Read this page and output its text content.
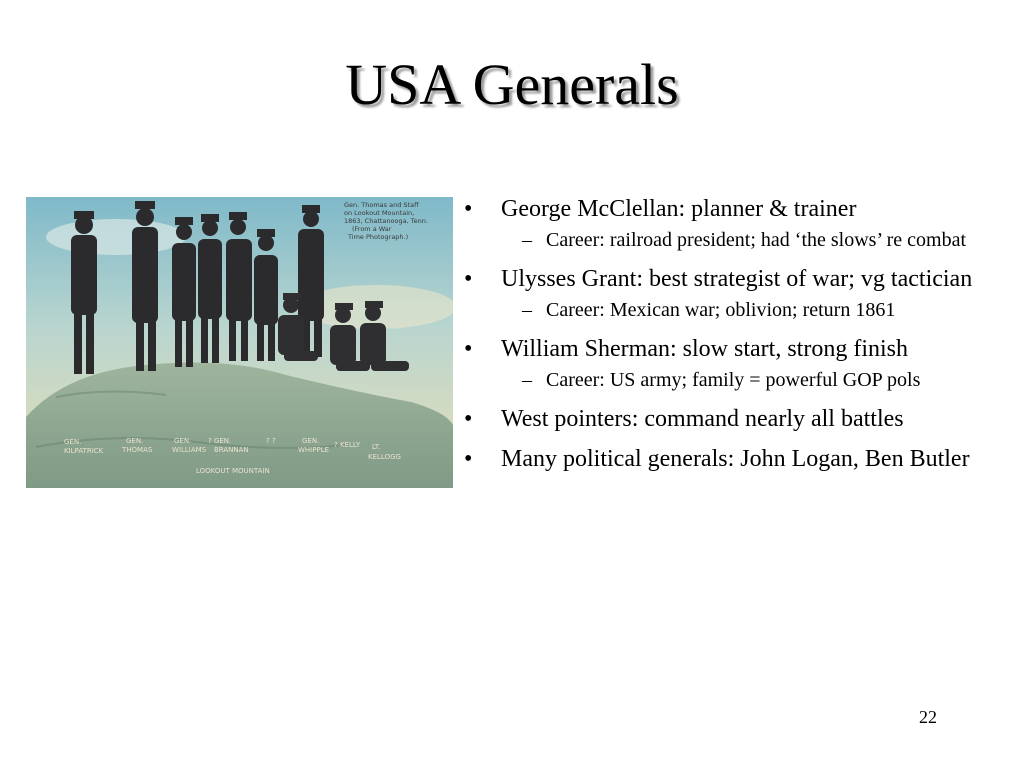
USA Generals
Gen. Thomas and Staff
on Lookout Mountain,
1863, Chattanooga, Tenn.
(From a War
Time Photograph.)
GEN.
KILPATRICK
GEN.
THOMAS
GEN.
WILLIAMS
? GEN.
BRANNAN
? ?	GEN.
WHIPPLE
? KELLY LT.
KELLOGG
LOOKOUT MOUNTAIN
• George McClellan: planner & trainer
– Career: railroad president; had ‘the slows’ re combat
• Ulysses Grant: best strategist of war; vg tactician
– Career: Mexican war; oblivion; return 1861
• William Sherman: slow start, strong finish
– Career: US army; family = powerful GOP pols
• West pointers: command nearly all battles
• Many political generals: John Logan, Ben Butler
22
